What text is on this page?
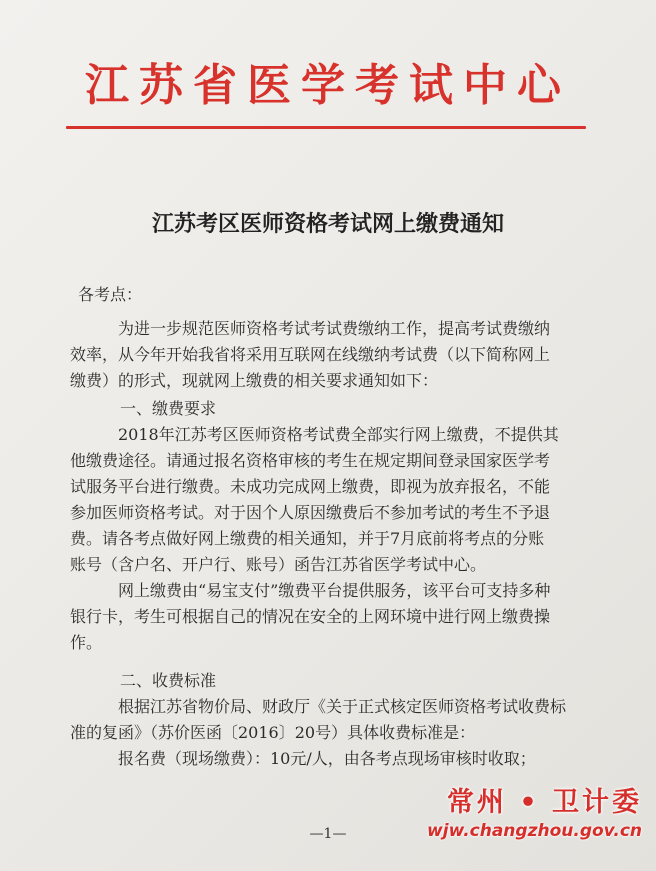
江苏省医学考试中心
江苏考区医师资格考试网上缴费通知
各考点：
为进一步规范医师资格考试考试费缴纳工作，提高考试费缴纳
效率，从今年开始我省将采用互联网在线缴纳考试费（以下简称网上
缴费）的形式，现就网上缴费的相关要求通知如下：
一、缴费要求
2018年江苏考区医师资格考试费全部实行网上缴费，不提供其
他缴费途径。请通过报名资格审核的考生在规定期间登录国家医学考
试服务平台进行缴费。未成功完成网上缴费，即视为放弃报名，不能
参加医师资格考试。对于因个人原因缴费后不参加考试的考生不予退
费。请各考点做好网上缴费的相关通知，并于7月底前将考点的分账
账号（含户名、开户行、账号）函告江苏省医学考试中心。
网上缴费由“易宝支付”缴费平台提供服务，该平台可支持多种
银行卡，考生可根据自己的情况在安全的上网环境中进行网上缴费操
作。
二、收费标准
根据江苏省物价局、财政厅《关于正式核定医师资格考试收费标
准的复函》（苏价医函〔2016〕20号）具体收费标准是：
报名费（现场缴费）：10元/人，由各考点现场审核时收取；
—1—
常州 • 卫计委
wjw.changzhou.gov.cn
